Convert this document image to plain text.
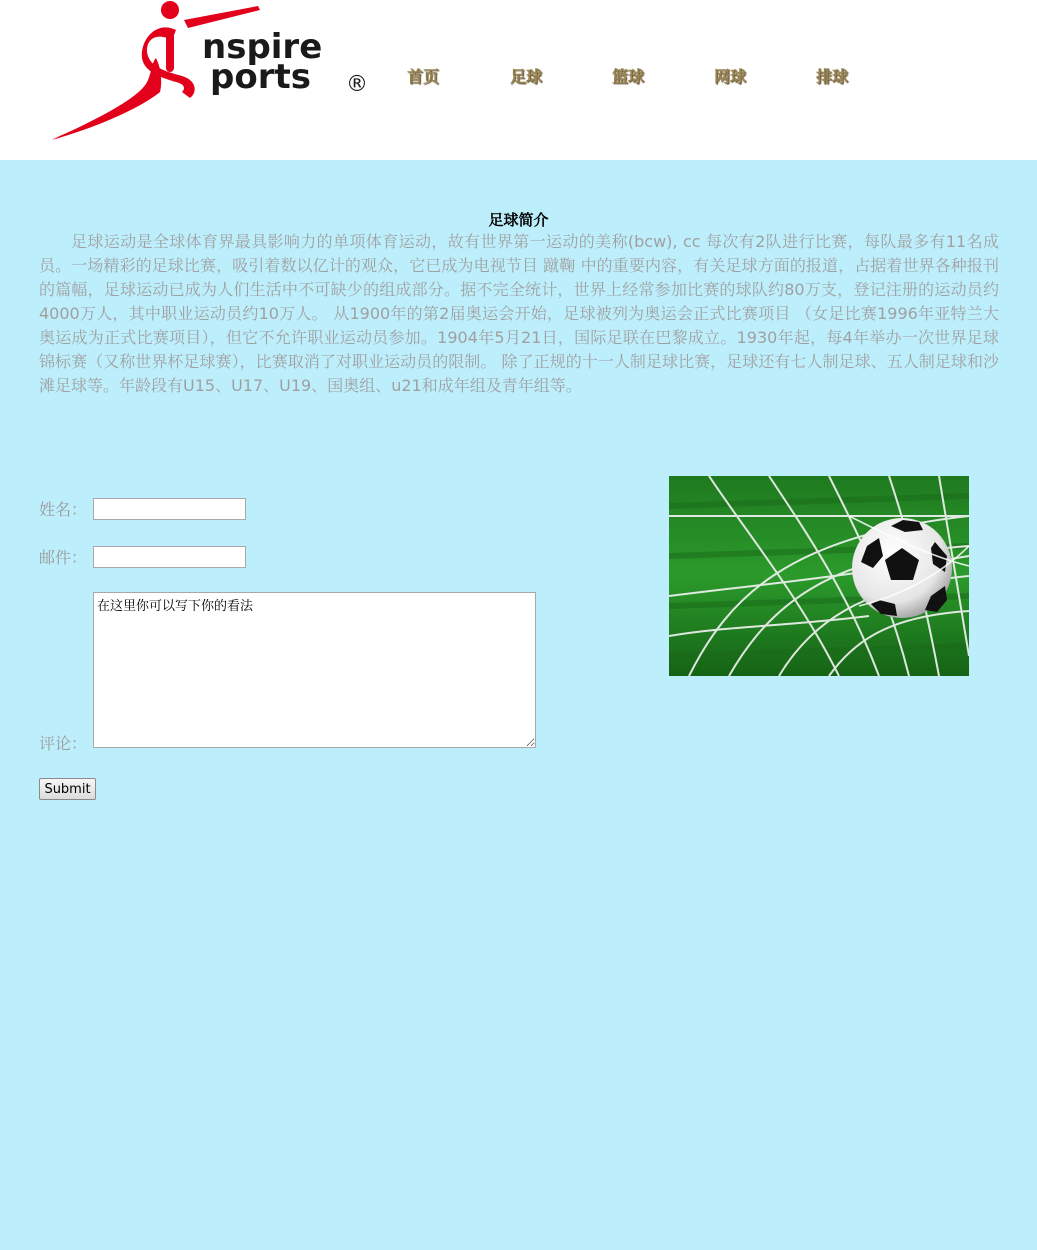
nspire
ports ® 首页	足球	篮球	网球	排球
足球简介

足球运动是全球体育界最具影响力的单项体育运动，故有世界第一运动的美称(bcw), cc 每次有2队进行比赛，每队最多有11名成员。一场精彩的足球比赛，吸引着数以亿计的观众，它已成为电视节目 蹴鞠 中的重要内容，有关足球方面的报道，占据着世界各种报刊的篇幅，足球运动已成为人们生活中不可缺少的组成部分。据不完全统计，世界上经常参加比赛的球队约80万支，登记注册的运动员约4000万人，其中职业运动员约10万人。 从1900年的第2届奥运会开始，足球被列为奥运会正式比赛项目 （女足比赛1996年亚特兰大奥运成为正式比赛项目），但它不允许职业运动员参加。1904年5月21日，国际足联在巴黎成立。1930年起，每4年举办一次世界足球锦标赛（又称世界杯足球赛），比赛取消了对职业运动员的限制。 除了正规的十一人制足球比赛，足球还有七人制足球、五人制足球和沙滩足球等。年龄段有U15、U17、U19、国奥组、u21和成年组及青年组等。

姓名：
邮件：
评论：
在这里你可以写下你的看法
Submit
